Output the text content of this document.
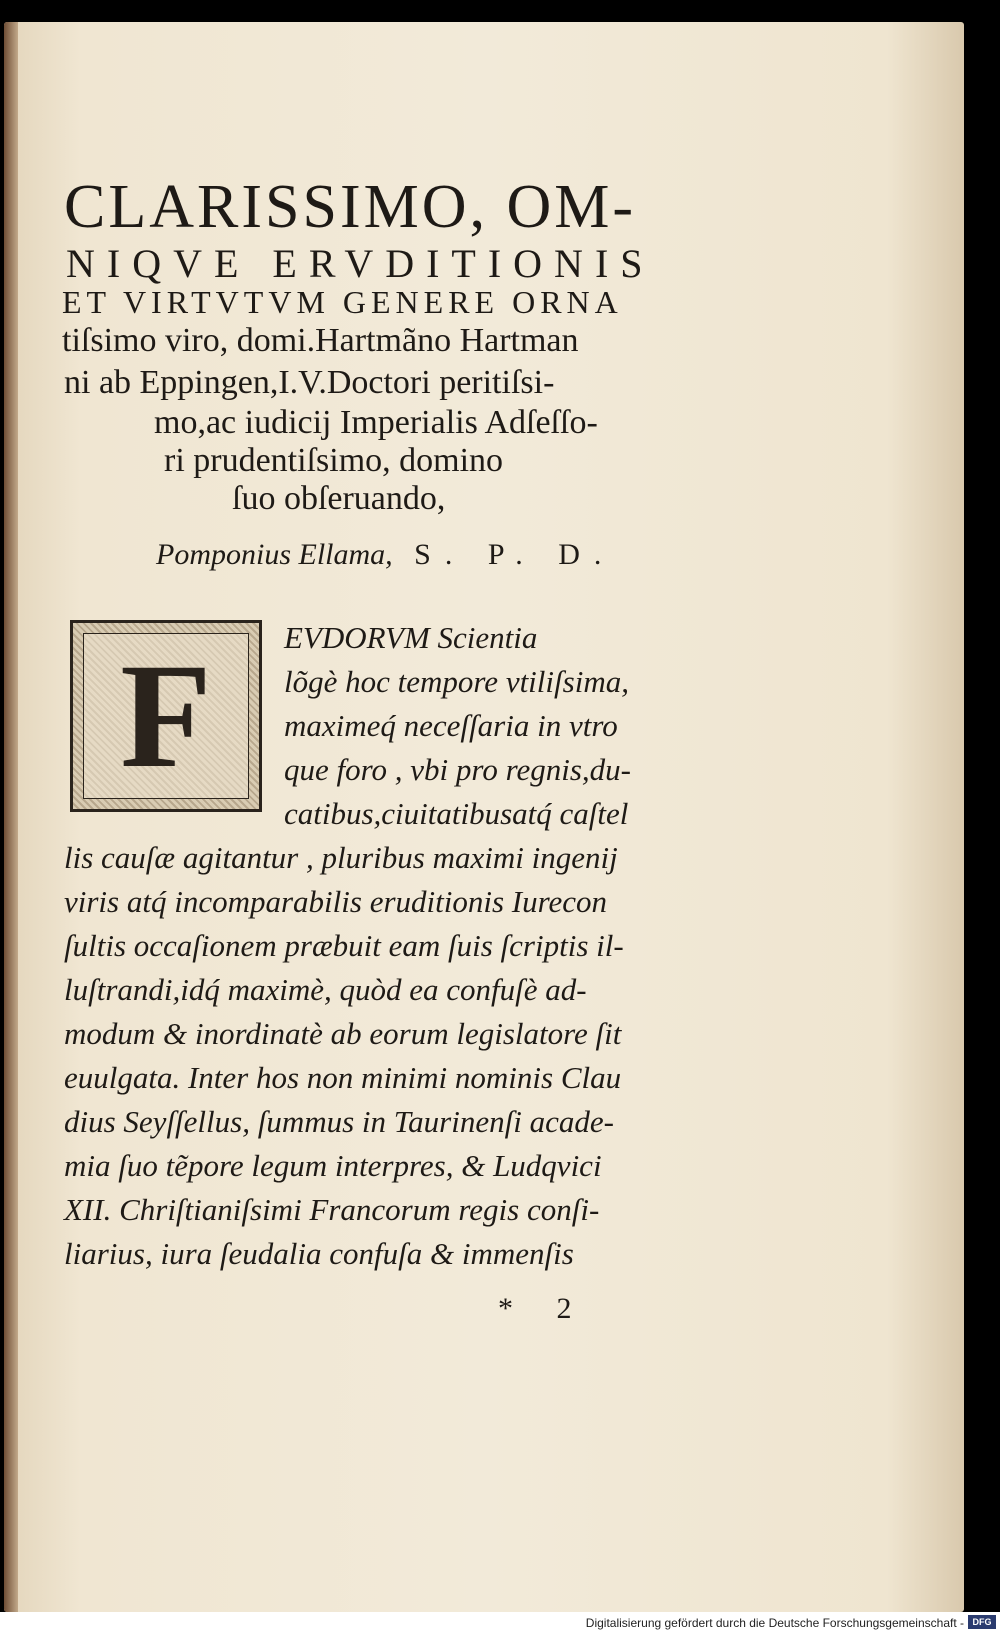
CLARISSIMO, OM-
NIQVE ERVDITIONIS
ET VIRTVTVM GENERE ORNA
tiſsimo viro, domi.Hartmãno Hartman
ni ab Eppingen,I.V.Doctori peritiſsi-
mo,ac iudicij Imperialis Adſeſſo-
ri prudentiſsimo, domino
ſuo obſeruando,
Pomponius Ellama, S. P. D.
F	EVDORVM Scientia
lõgè hoc tempore vtiliſsima,
maximeq́ neceſſaria in vtro
que foro , vbi pro regnis,du-
catibus,ciuitatibusatq́ caſtel
lis cauſæ agitantur , pluribus maximi ingenij
viris atq́ incomparabilis eruditionis Iurecon
ſultis occaſionem præbuit eam ſuis ſcriptis il-
luſtrandi,idq́ maximè, quòd ea confuſè ad-
modum & inordinatè ab eorum legislatore ſit
euulgata. Inter hos non minimi nominis Clau
dius Seyſſellus, ſummus in Taurinenſi acade-
mia ſuo tẽpore legum interpres, & Ludqvici
XII. Chriſtianiſsimi Francorum regis conſi-
liarius, iura ſeudalia confuſa & immenſis
* 2
Digitalisierung gefördert durch die Deutsche Forschungsgemeinschaft - DFG
